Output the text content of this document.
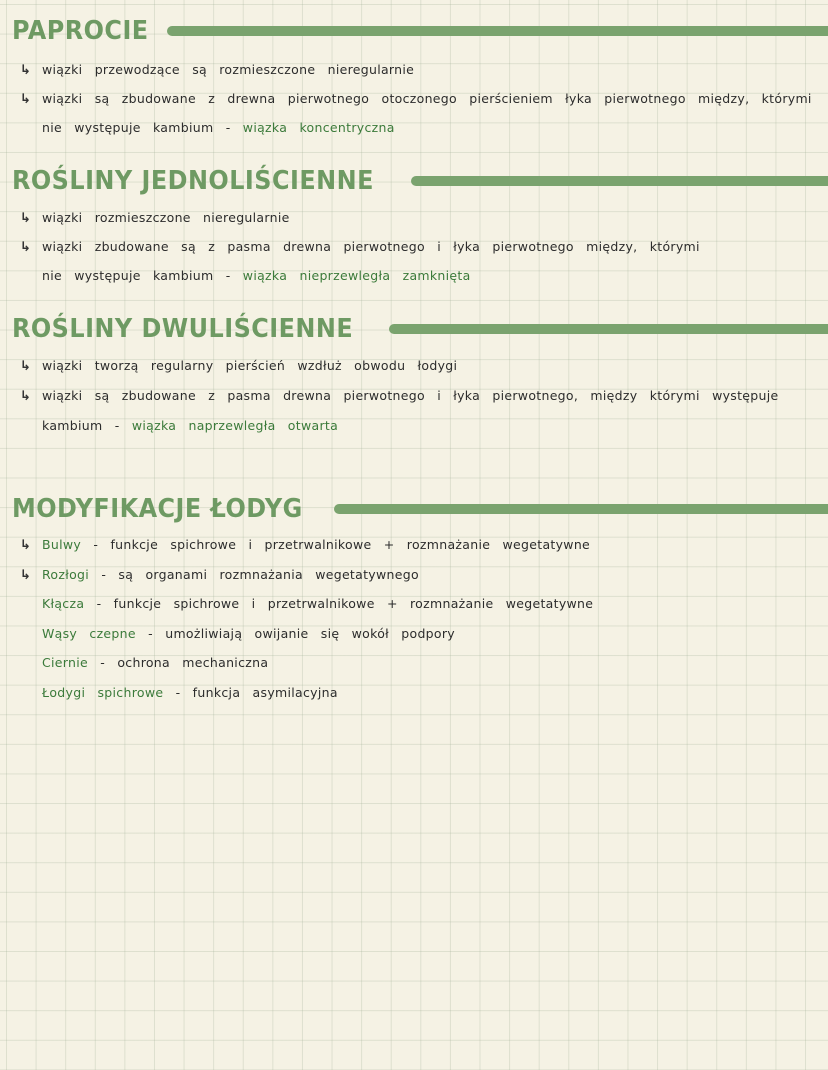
PAPROCIE
↳ wiązki przewodzące są rozmieszczone nieregularnie
↳ wiązki są zbudowane z drewna pierwotnego otoczonego pierścieniem łyka pierwotnego między, którymi
nie występuje kambium - wiązka koncentryczna
ROŚLINY JEDNOLIŚCIENNE
↳ wiązki rozmieszczone nieregularnie
↳ wiązki zbudowane są z pasma drewna pierwotnego i łyka pierwotnego między, którymi
nie występuje kambium - wiązka nieprzewległa zamknięta
ROŚLINY DWULIŚCIENNE
↳ wiązki tworzą regularny pierścień wzdłuż obwodu łodygi
↳ wiązki są zbudowane z pasma drewna pierwotnego i łyka pierwotnego, między którymi występuje
kambium - wiązka naprzewległa otwarta
MODYFIKACJE ŁODYG
↳ Bulwy - funkcje spichrowe i przetrwalnikowe + rozmnażanie wegetatywne
↳ Rozłogi - są organami rozmnażania wegetatywnego
Kłącza - funkcje spichrowe i przetrwalnikowe + rozmnażanie wegetatywne
Wąsy czepne - umożliwiają owijanie się wokół podpory
Ciernie - ochrona mechaniczna
Łodygi spichrowe - funkcja asymilacyjna
